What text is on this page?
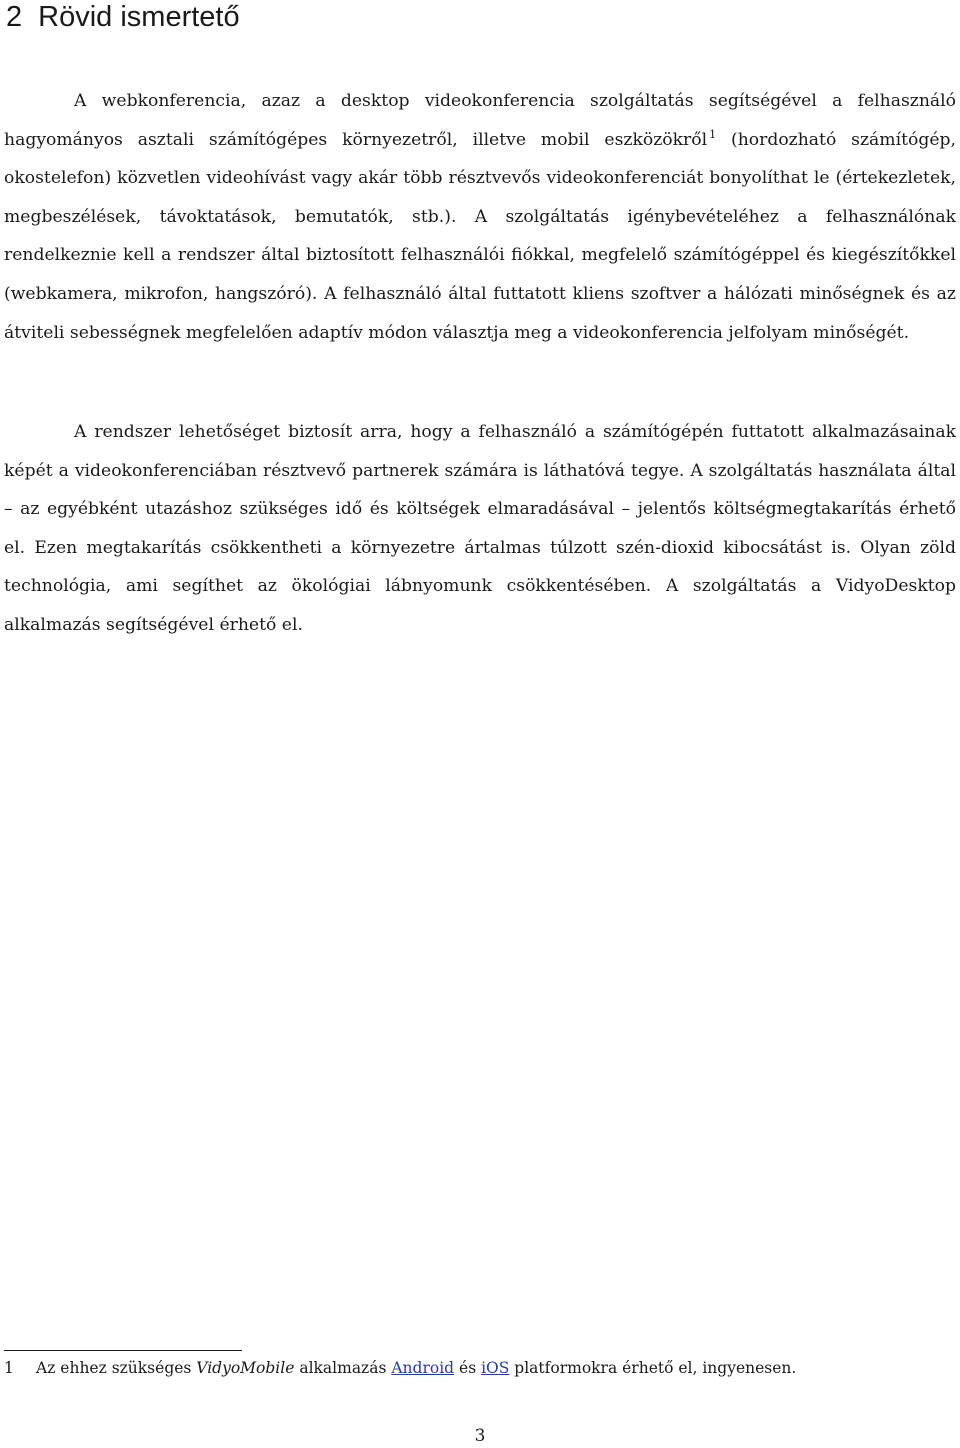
2 Rövid ismertető

A webkonferencia, azaz a desktop videokonferencia szolgáltatás segítségével a felhasználó hagyományos asztali számítógépes környezetről, illetve mobil eszközökről $^1$ (hordozható számítógép, okostelefon) közvetlen videohívást vagy akár több résztvevős videokonferenciát bonyolíthat le (értekezletek, megbeszélések, távoktatások, bemutatók, stb.). A szolgáltatás igénybevételéhez a felhasználónak rendelkeznie kell a rendszer által biztosított felhasználói fiókkal, megfelelő számítógéppel és kiegészítőkkel (webkamera, mikrofon, hangszóró). A felhasználó által futtatott kliens szoftver a hálózati minőségnek és az átviteli sebességnek megfelelően adaptív módon választja meg a videokonferencia jelfolyam minőségét.

A rendszer lehetőséget biztosít arra, hogy a felhasználó a számítógépén futtatott alkalmazásainak képét a videokonferenciában résztvevő partnerek számára is láthatóvá tegye. A szolgáltatás használata által – az egyébként utazáshoz szükséges idő és költségek elmaradásával – jelentős költségmegtakarítás érhető el. Ezen megtakarítás csökkentheti a környezetre ártalmas túlzott szén-dioxid kibocsátást is. Olyan zöld technológia, ami segíthet az ökológiai lábnyomunk csökkentésében. A szolgáltatás a VidyoDesktop alkalmazás segítségével érhető el.

1 Az ehhez szükséges VidyoMobile alkalmazás Android és iOS platformokra érhető el, ingyenesen.

3
